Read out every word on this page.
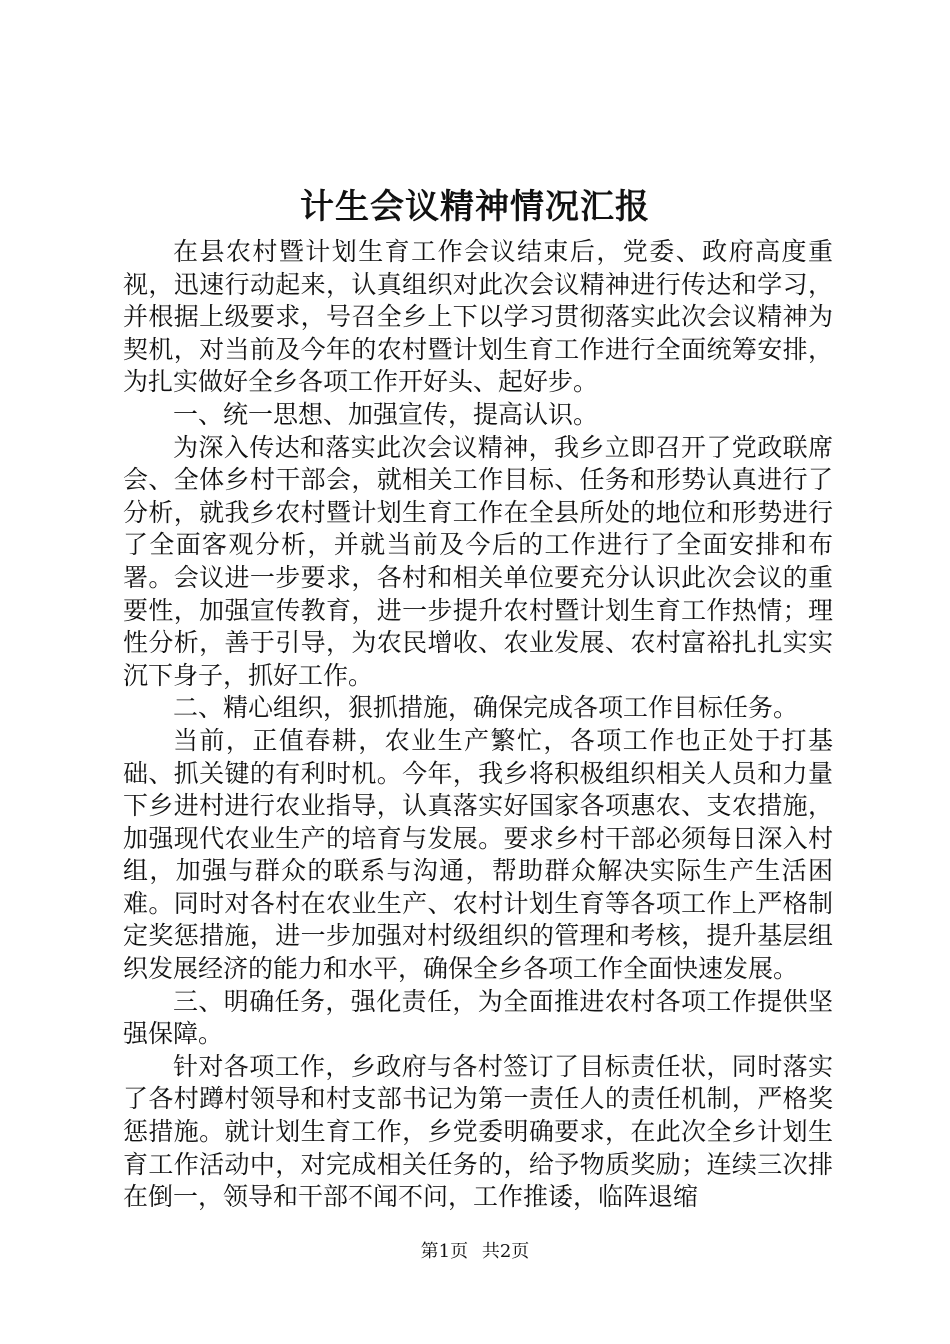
计生会议精神情况汇报

在县农村暨计划生育工作会议结束后，党委、政府高度重视，迅速行动起来，认真组织对此次会议精神进行传达和学习，并根据上级要求，号召全乡上下以学习贯彻落实此次会议精神为契机，对当前及今年的农村暨计划生育工作进行全面统筹安排，为扎实做好全乡各项工作开好头、起好步。

一、统一思想、加强宣传，提高认识。

为深入传达和落实此次会议精神，我乡立即召开了党政联席会、全体乡村干部会，就相关工作目标、任务和形势认真进行了分析，就我乡农村暨计划生育工作在全县所处的地位和形势进行了全面客观分析，并就当前及今后的工作进行了全面安排和布署。会议进一步要求，各村和相关单位要充分认识此次会议的重要性，加强宣传教育，进一步提升农村暨计划生育工作热情；理性分析，善于引导，为农民增收、农业发展、农村富裕扎扎实实沉下身子，抓好工作。

二、精心组织，狠抓措施，确保完成各项工作目标任务。

当前，正值春耕，农业生产繁忙，各项工作也正处于打基础、抓关键的有利时机。今年，我乡将积极组织相关人员和力量下乡进村进行农业指导，认真落实好国家各项惠农、支农措施，加强现代农业生产的培育与发展。要求乡村干部必须每日深入村组，加强与群众的联系与沟通，帮助群众解决实际生产生活困难。同时对各村在农业生产、农村计划生育等各项工作上严格制定奖惩措施，进一步加强对村级组织的管理和考核，提升基层组织发展经济的能力和水平，确保全乡各项工作全面快速发展。

三、明确任务，强化责任，为全面推进农村各项工作提供坚强保障。

针对各项工作，乡政府与各村签订了目标责任状，同时落实了各村蹲村领导和村支部书记为第一责任人的责任机制，严格奖惩措施。就计划生育工作，乡党委明确要求，在此次全乡计划生育工作活动中，对完成相关任务的，给予物质奖励；连续三次排在倒一，领导和干部不闻不问，工作推诿，临阵退缩

第1页 共2页
